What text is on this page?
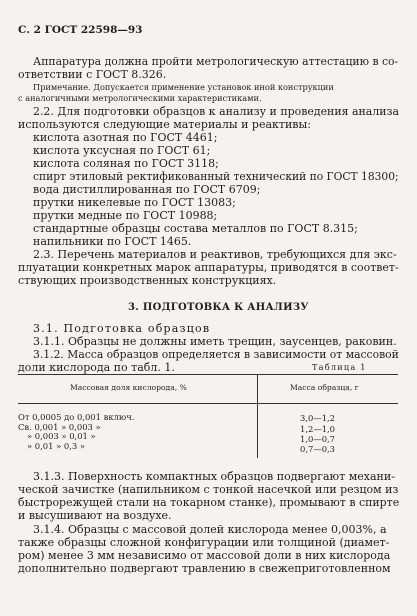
С. 2 ГОСТ 22598—93
Аппаратура должна пройти метрологическую аттестацию в со-
ответствии с ГОСТ 8.326.
Примечание. Допускается применение установок иной конструкции
с аналогичными метрологическими характеристиками.
2.2. Для подготовки образцов к анализу и проведения анализа
используются следующие материалы и реактивы:
кислота азотная по ГОСТ 4461;
кислота уксусная по ГОСТ 61;
кислота соляная по ГОСТ 3118;
спирт этиловый ректификованный технический по ГОСТ 18300;
вода дистиллированная по ГОСТ 6709;
прутки никелевые по ГОСТ 13083;
прутки медные по ГОСТ 10988;
стандартные образцы состава металлов по ГОСТ 8.315;
напильники по ГОСТ 1465.
2.3. Перечень материалов и реактивов, требующихся для экс-
плуатации конкретных марок аппаратуры, приводятся в соответ-
ствующих производственных конструкциях.
3. ПОДГОТОВКА К АНАЛИЗУ
3.1. Подготовка образцов
3.1.1. Образцы не должны иметь трещин, заусенцев, раковин.
3.1.2. Масса образцов определяется в зависимости от массовой
доли кислорода по табл. 1.	Таблица 1
Массовая доля кислорода, %	Масса образца, г
От 0,0005 до 0,001 включ.	3,0—1,2
Св. 0,001 » 0,003 »	1,2—1,0
» 0,003 » 0,01 »	1,0—0,7
» 0,01 » 0,3 »	0,7—0,3
3.1.3. Поверхность компактных образцов подвергают механи-
ческой зачистке (напильником с тонкой насечкой или резцом из
быстрорежущей стали на токарном станке), промывают в спирте
и высушивают на воздухе.
3.1.4. Образцы с массовой долей кислорода менее 0,003%, а
также образцы сложной конфигурации или толщиной (диамет-
ром) менее 3 мм независимо от массовой доли в них кислорода
дополнительно подвергают травлению в свежеприготовленном
